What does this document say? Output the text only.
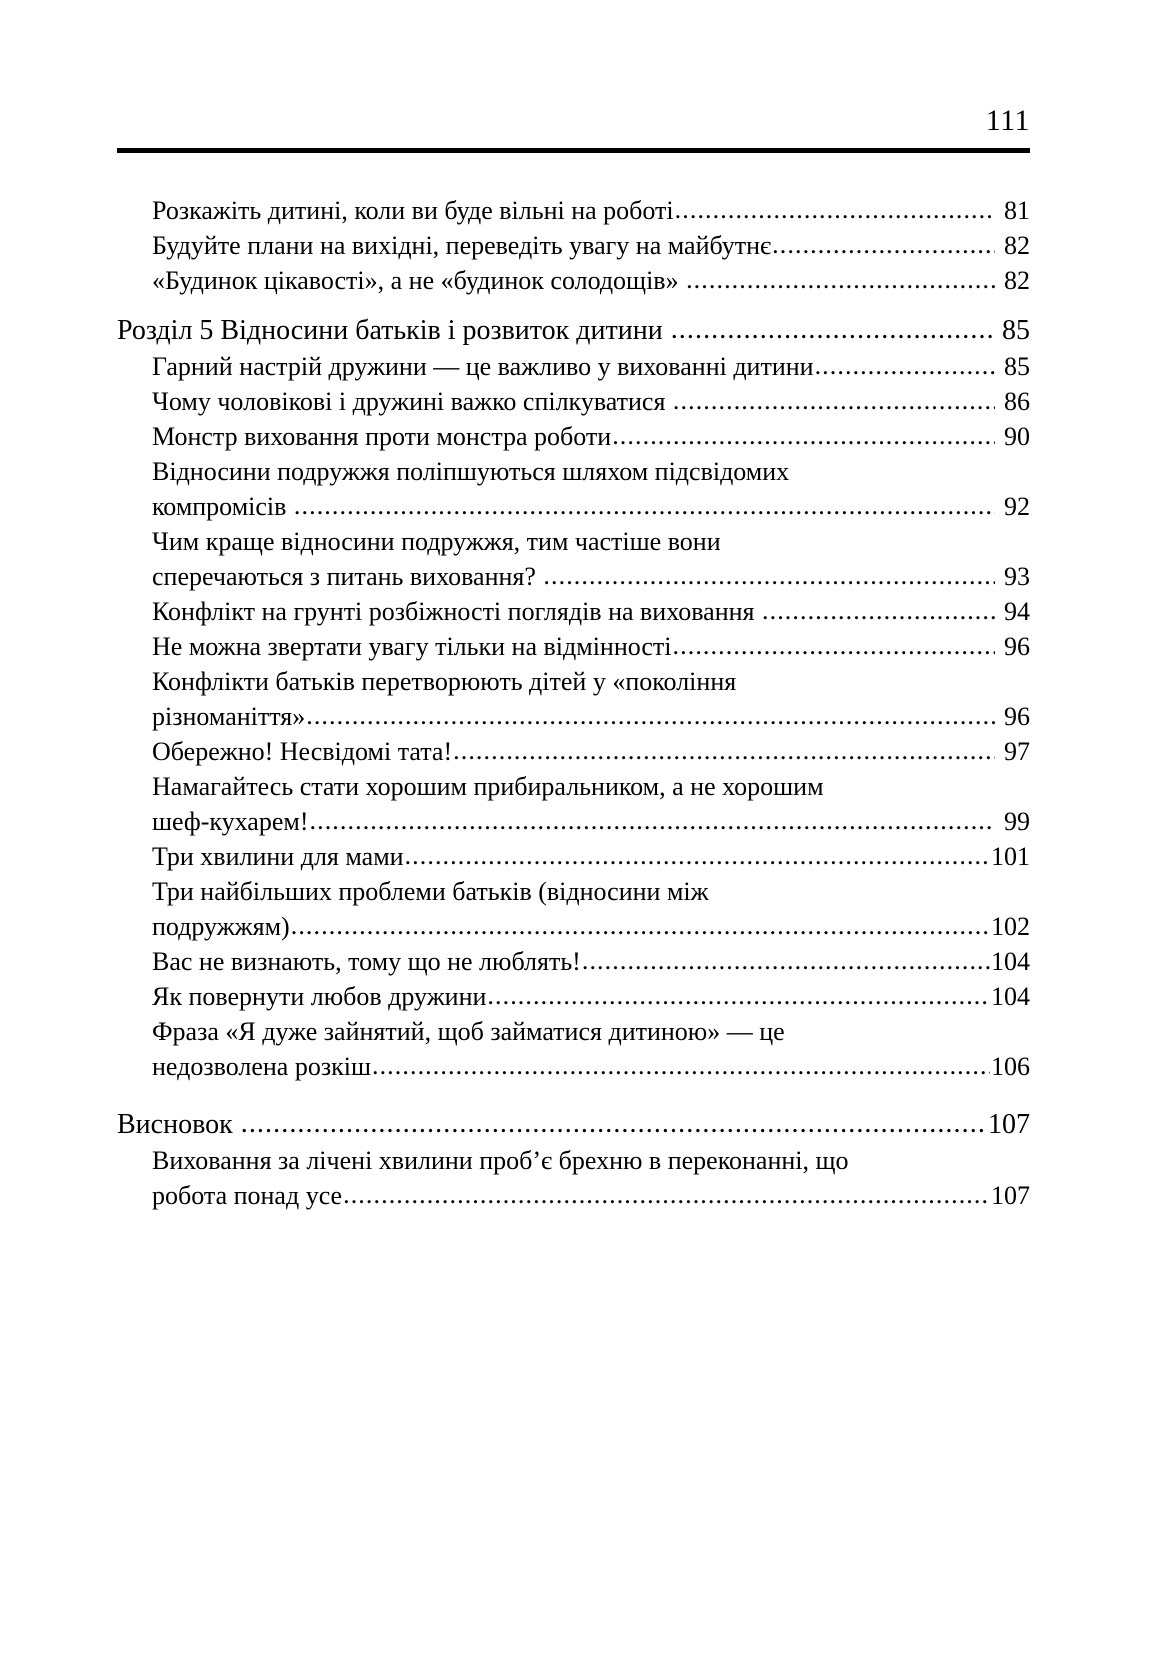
111
Розкажіть дитині, коли ви буде вільні на роботі .....	81
Будуйте плани на вихідні, переведіть увагу на майбутнє .....	82
«Будинок цікавості», а не «будинок солодощів» .....	82
Розділ 5 Відносини батьків і розвиток дитини .....	85
Гарний настрій дружини — це важливо у вихованні дитини .....	85
Чому чоловікові і дружині важко спілкуватися .....	86
Монстр виховання проти монстра роботи .....	90
Відносини подружжя поліпшуються шляхом підсвідомих
компромісів .....	92
Чим краще відносини подружжя, тим частіше вони
сперечаються з питань виховання? .....	93
Конфлікт на грунті розбіжності поглядів на виховання .....	94
Не можна звертати увагу тільки на відмінності .....	96
Конфлікти батьків перетворюють дітей у «покоління
різноманіття» .....	96
Обережно! Несвідомі тата! .....	97
Намагайтесь стати хорошим прибиральником, а не хорошим
шеф-кухарем! .....	99
Три хвилини для мами .....	101
Три найбільших проблеми батьків (відносини між
подружжям) .....	102
Вас не визнають, тому що не люблять! .....	104
Як повернути любов дружини .....	104
Фраза «Я дуже зайнятий, щоб займатися дитиною» — це
недозволена розкіш .....	106
Висновок .....	107
Виховання за лічені хвилини пробʼє брехню в переконанні, що
робота понад усе .....	107
